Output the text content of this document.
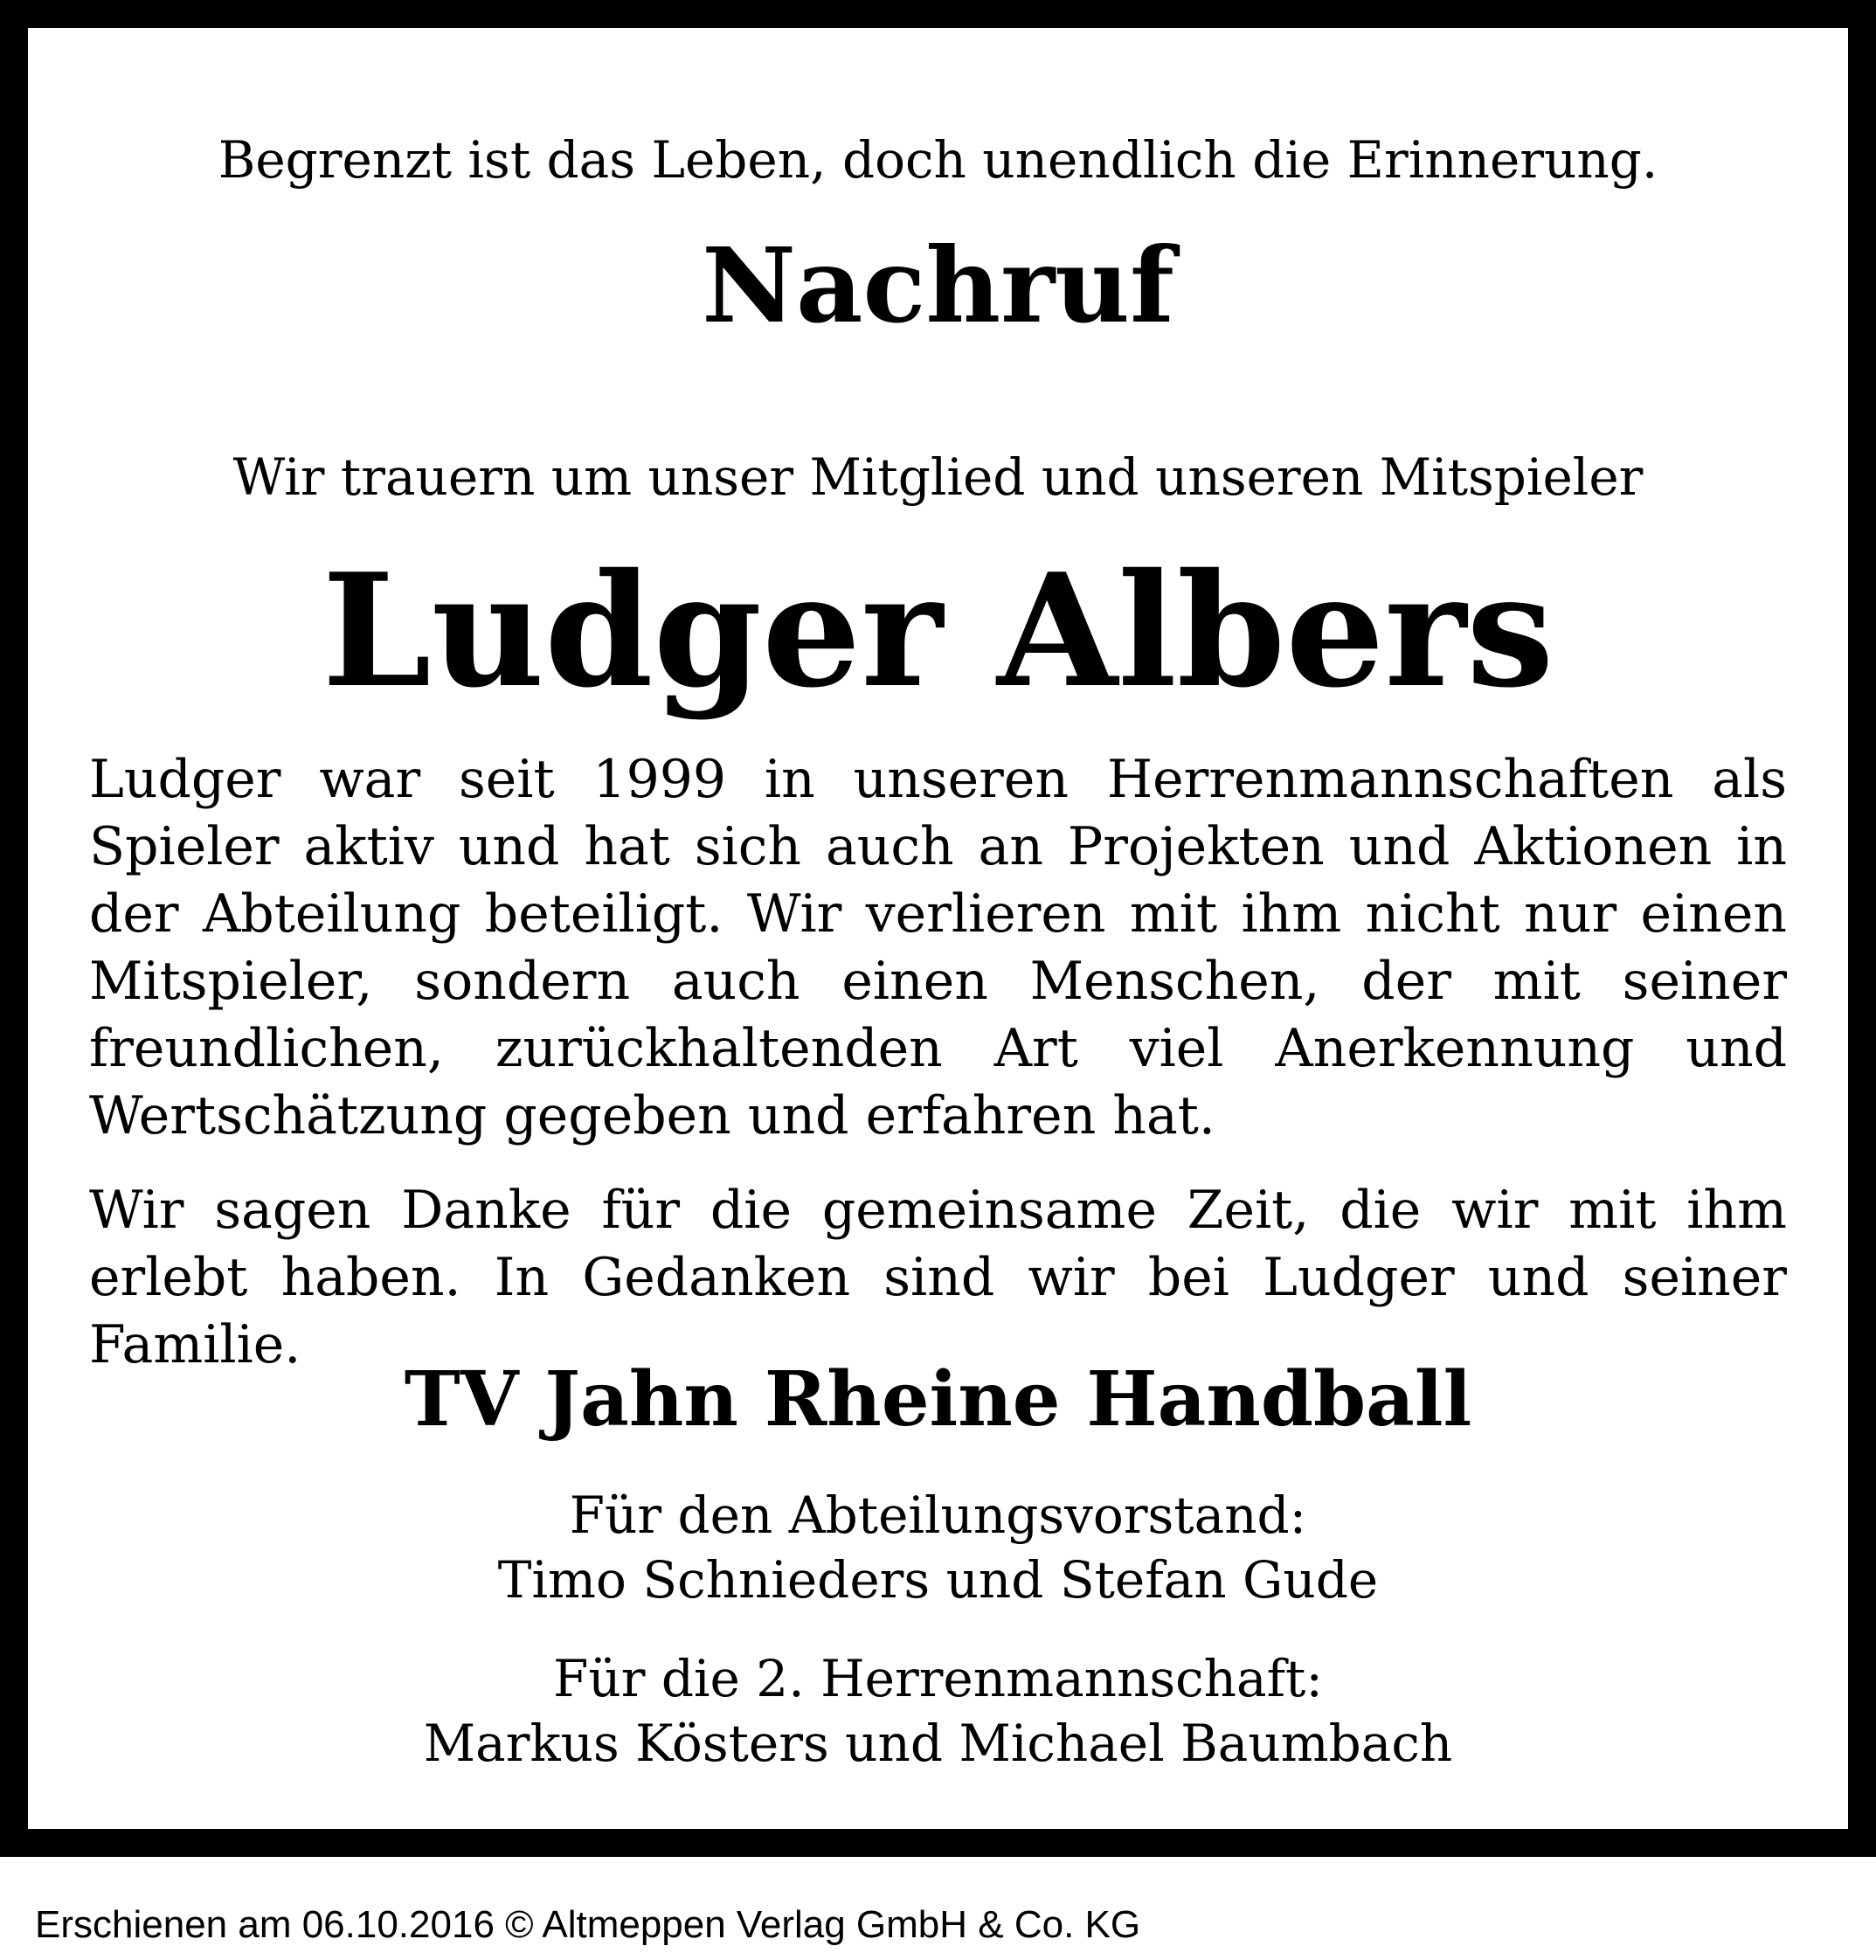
Begrenzt ist das Leben, doch unendlich die Erinnerung.
Nachruf
Wir trauern um unser Mitglied und unseren Mitspieler
Ludger Albers
Ludger war seit 1999 in unseren Herrenmannschaften als Spieler aktiv und hat sich auch an Projekten und Aktionen in der Abteilung beteiligt. Wir verlieren mit ihm nicht nur einen Mitspieler, sondern auch einen Menschen, der mit seiner freundlichen, zurückhaltenden Art viel Anerkennung und Wertschätzung gegeben und erfahren hat.
Wir sagen Danke für die gemeinsame Zeit, die wir mit ihm erlebt haben. In Gedanken sind wir bei Ludger und seiner Familie.
TV Jahn Rheine Handball
Für den Abteilungsvorstand:
Timo Schnieders und Stefan Gude
Für die 2. Herrenmannschaft:
Markus Kösters und Michael Baumbach
Erschienen am 06.10.2016 © Altmeppen Verlag GmbH & Co. KG
